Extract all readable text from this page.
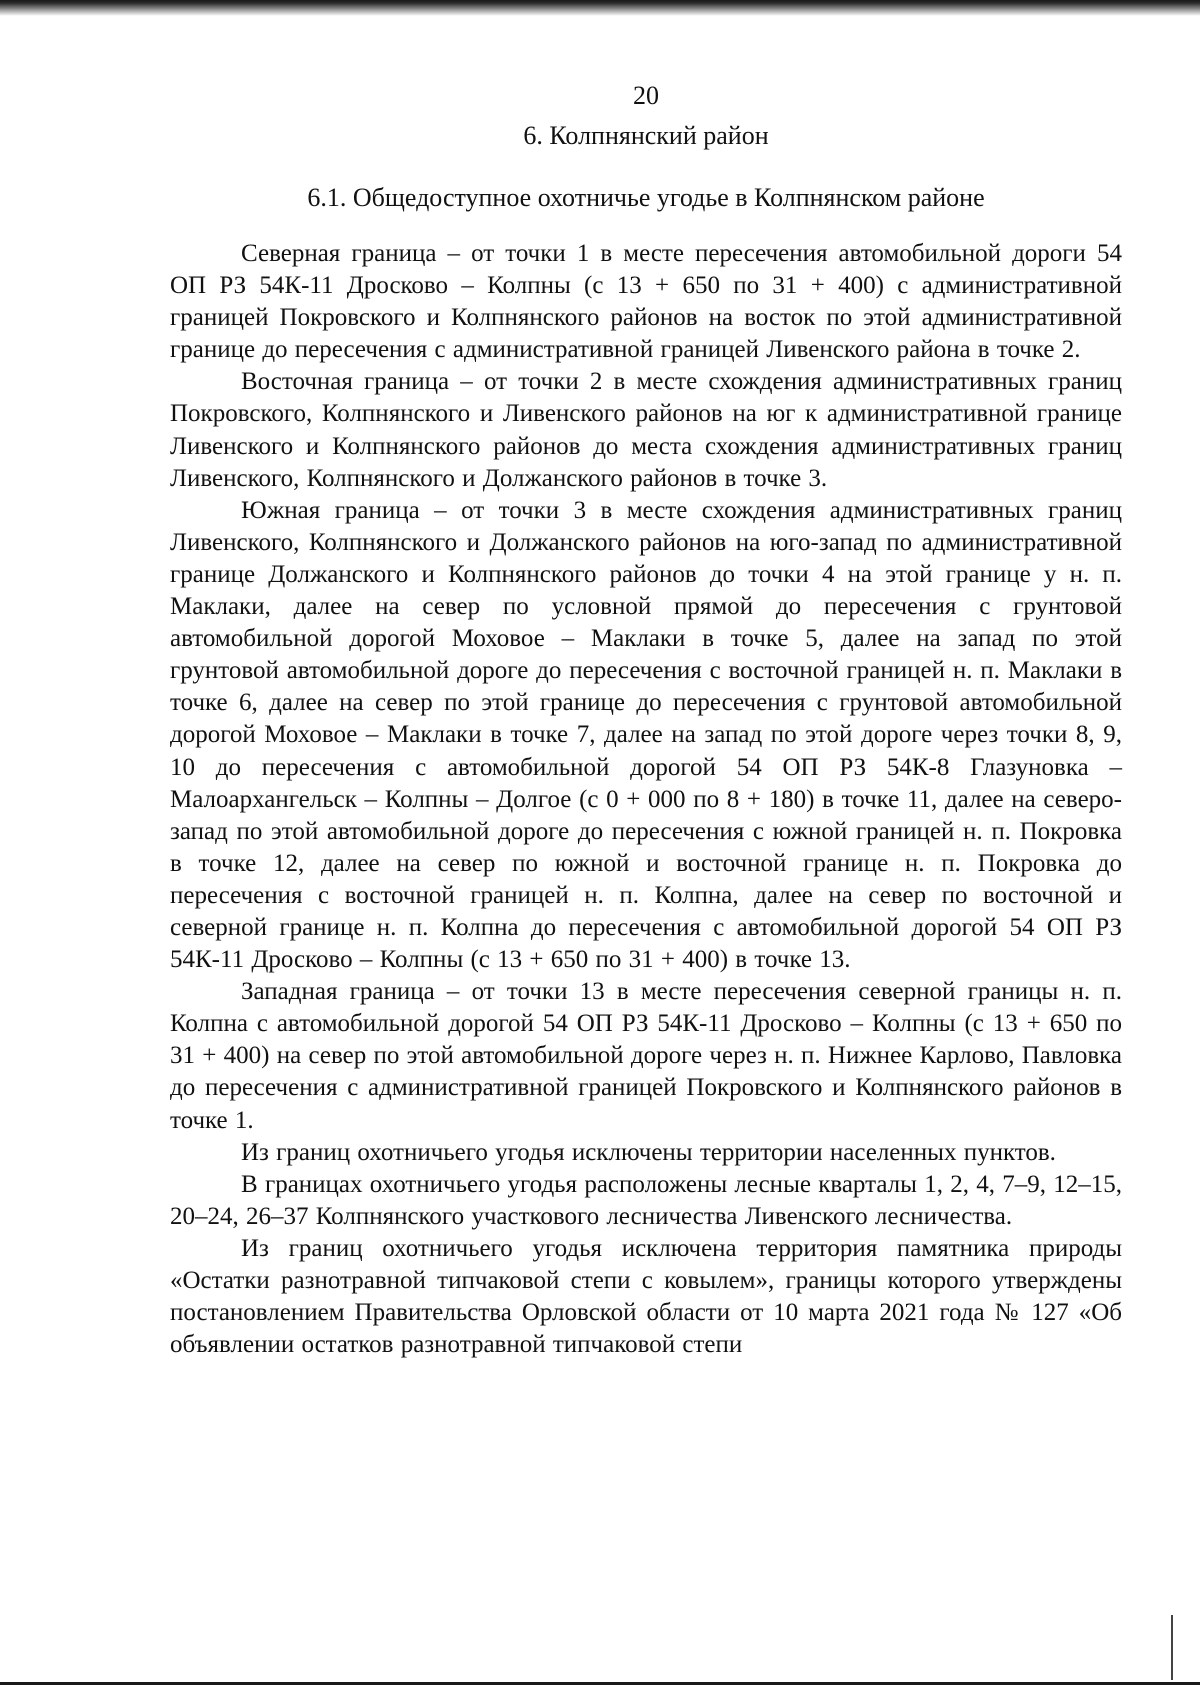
20
6. Колпнянский район
6.1. Общедоступное охотничье угодье в Колпнянском районе

Северная граница – от точки 1 в месте пересечения автомобильной дороги 54 ОП РЗ 54К-11 Дросково – Колпны (с 13 + 650 по 31 + 400) с административной границей Покровского и Колпнянского районов на восток по этой административной границе до пересечения с административной границей Ливенского района в точке 2.

Восточная граница – от точки 2 в месте схождения административных границ Покровского, Колпнянского и Ливенского районов на юг к административной границе Ливенского и Колпнянского районов до места схождения административных границ Ливенского, Колпнянского и Должанского районов в точке 3.

Южная граница – от точки 3 в месте схождения административных границ Ливенского, Колпнянского и Должанского районов на юго-запад по административной границе Должанского и Колпнянского районов до точки 4 на этой границе у н. п. Маклаки, далее на север по условной прямой до пересечения с грунтовой автомобильной дорогой Моховое – Маклаки в точке 5, далее на запад по этой грунтовой автомобильной дороге до пересечения с восточной границей н. п. Маклаки в точке 6, далее на север по этой границе до пересечения с грунтовой автомобильной дорогой Моховое – Маклаки в точке 7, далее на запад по этой дороге через точки 8, 9, 10 до пересечения с автомобильной дорогой 54 ОП РЗ 54К-8 Глазуновка – Малоархангельск – Колпны – Долгое (с 0 + 000 по 8 + 180) в точке 11, далее на северо-запад по этой автомобильной дороге до пересечения с южной границей н. п. Покровка в точке 12, далее на север по южной и восточной границе н. п. Покровка до пересечения с восточной границей н. п. Колпна, далее на север по восточной и северной границе н. п. Колпна до пересечения с автомобильной дорогой 54 ОП РЗ 54К-11 Дросково – Колпны (с 13 + 650 по 31 + 400) в точке 13.

Западная граница – от точки 13 в месте пересечения северной границы н. п. Колпна с автомобильной дорогой 54 ОП РЗ 54К-11 Дросково – Колпны (с 13 + 650 по 31 + 400) на север по этой автомобильной дороге через н. п. Нижнее Карлово, Павловка до пересечения с административной границей Покровского и Колпнянского районов в точке 1.

Из границ охотничьего угодья исключены территории населенных пунктов.

В границах охотничьего угодья расположены лесные кварталы 1, 2, 4, 7–9, 12–15, 20–24, 26–37 Колпнянского участкового лесничества Ливенского лесничества.

Из границ охотничьего угодья исключена территория памятника природы «Остатки разнотравной типчаковой степи с ковылем», границы которого утверждены постановлением Правительства Орловской области от 10 марта 2021 года № 127 «Об объявлении остатков разнотравной типчаковой степи
